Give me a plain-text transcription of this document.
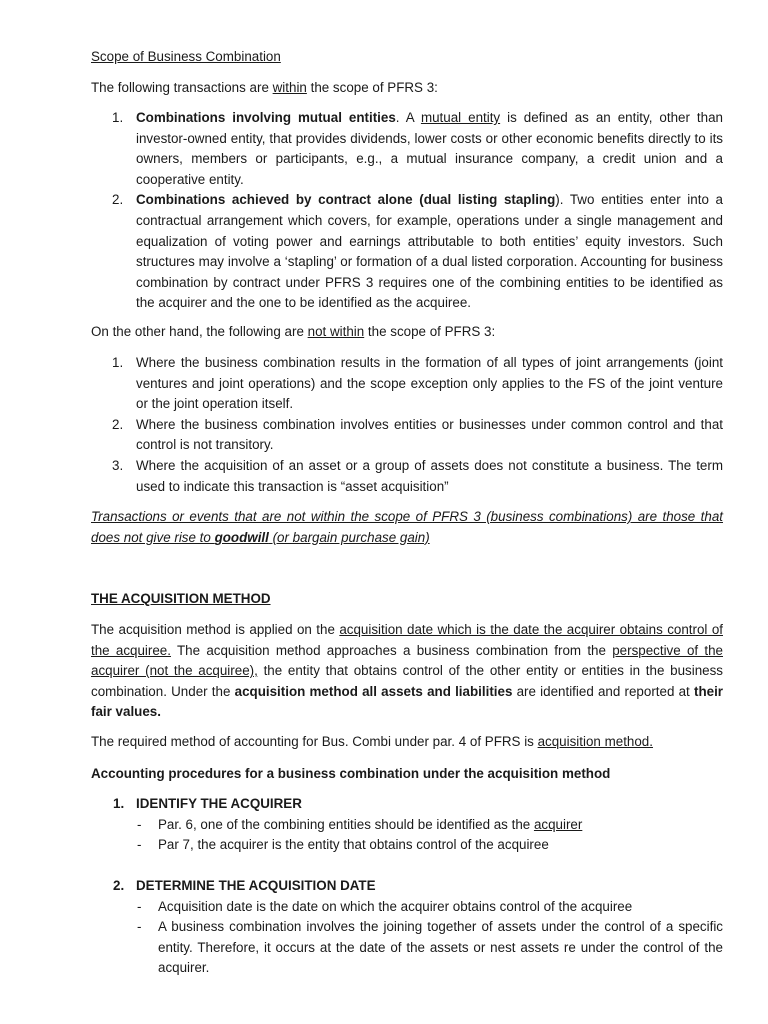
Scope of Business Combination

The following transactions are within the scope of PFRS 3:

1. Combinations involving mutual entities. A mutual entity is defined as an entity, other than investor-owned entity, that provides dividends, lower costs or other economic benefits directly to its owners, members or participants, e.g., a mutual insurance company, a credit union and a cooperative entity.
2. Combinations achieved by contract alone (dual listing stapling). Two entities enter into a contractual arrangement which covers, for example, operations under a single management and equalization of voting power and earnings attributable to both entities’ equity investors. Such structures may involve a ‘stapling’ or formation of a dual listed corporation. Accounting for business combination by contract under PFRS 3 requires one of the combining entities to be identified as the acquirer and the one to be identified as the acquiree.

On the other hand, the following are not within the scope of PFRS 3:

1. Where the business combination results in the formation of all types of joint arrangements (joint ventures and joint operations) and the scope exception only applies to the FS of the joint venture or the joint operation itself.
2. Where the business combination involves entities or businesses under common control and that control is not transitory.
3. Where the acquisition of an asset or a group of assets does not constitute a business. The term used to indicate this transaction is “asset acquisition”

Transactions or events that are not within the scope of PFRS 3 (business combinations) are those that does not give rise to goodwill (or bargain purchase gain)

THE ACQUISITION METHOD

The acquisition method is applied on the acquisition date which is the date the acquirer obtains control of the acquiree. The acquisition method approaches a business combination from the perspective of the acquirer (not the acquiree), the entity that obtains control of the other entity or entities in the business combination. Under the acquisition method all assets and liabilities are identified and reported at their fair values.

The required method of accounting for Bus. Combi under par. 4 of PFRS is acquisition method.

Accounting procedures for a business combination under the acquisition method

1. IDENTIFY THE ACQUIRER
- Par. 6, one of the combining entities should be identified as the acquirer
- Par 7, the acquirer is the entity that obtains control of the acquiree
2. DETERMINE THE ACQUISITION DATE
- Acquisition date is the date on which the acquirer obtains control of the acquiree
- A business combination involves the joining together of assets under the control of a specific entity. Therefore, it occurs at the date of the assets or nest assets re under the control of the acquirer.
